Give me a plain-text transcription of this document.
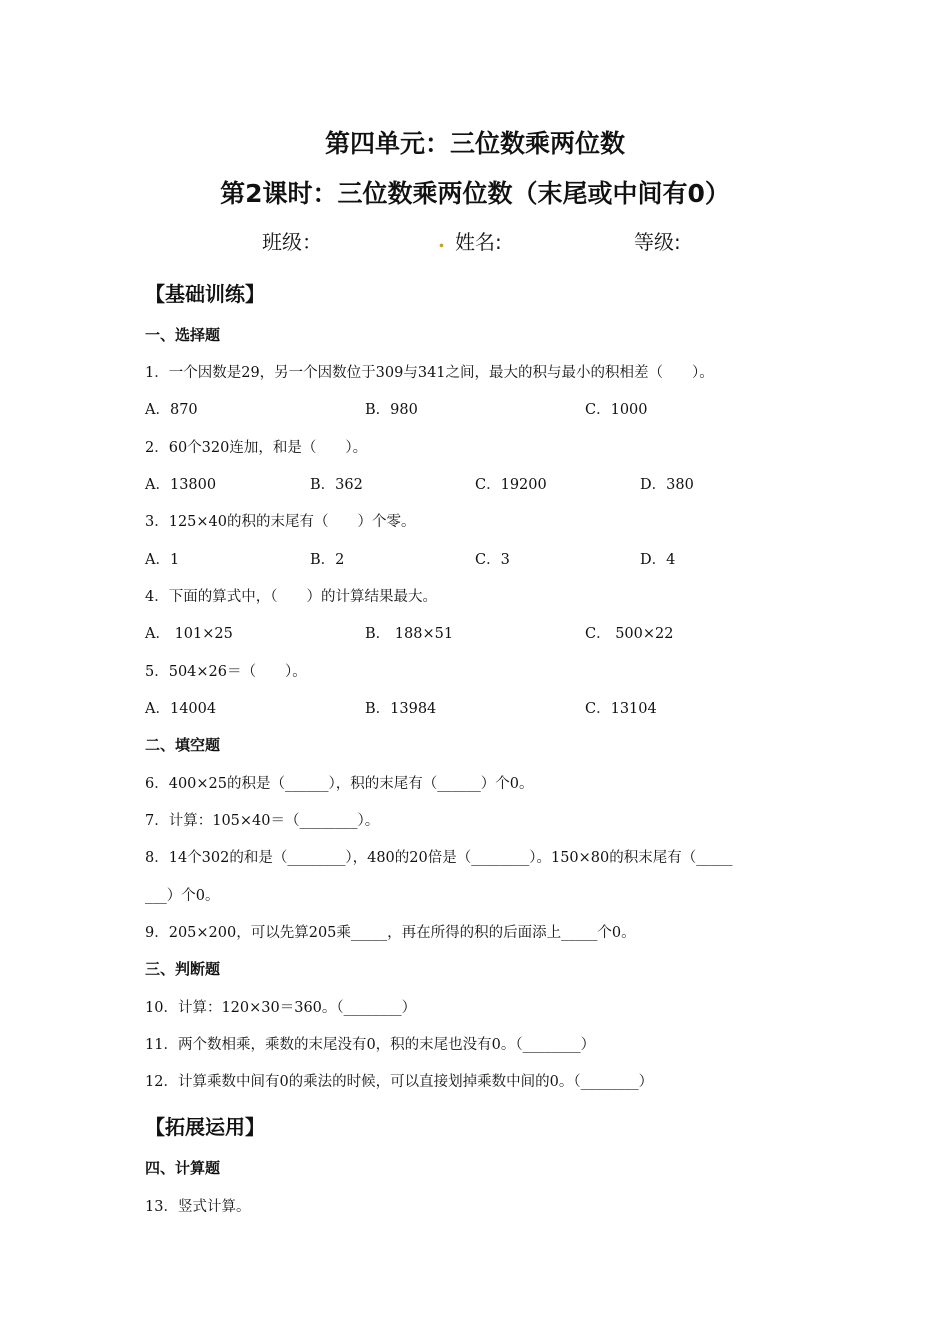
第四单元：三位数乘两位数
第2课时：三位数乘两位数（末尾或中间有0）
班级：	. 姓名:	等级:
【基础训练】
一、选择题
1．一个因数是29，另一个因数位于309与341之间，最大的积与最小的积相差（　　）。
A．870	B．980	C．1000
2．60个320连加，和是（　　）。
A．13800	B．362	C．19200	D．380
3．125×40的积的末尾有（　　）个零。
A．1	B．2	C．3	D．4
4．下面的算式中，（　　）的计算结果最大。
A． 101×25	B． 188×51	C． 500×22
5．504×26＝（　　）。
A．14004	B．13984	C．13104
二、填空题
6．400×25的积是（______），积的末尾有（______）个0。
7．计算：105×40＝（________）。
8．14个302的和是（________），480的20倍是（________）。150×80的积末尾有（_____
___）个0。
9．205×200，可以先算205乘_____，再在所得的积的后面添上_____个0。
三、判断题
10．计算：120×30＝360。（________）
11．两个数相乘，乘数的末尾没有0，积的末尾也没有0。（________）
12．计算乘数中间有0的乘法的时候，可以直接划掉乘数中间的0。（________）
【拓展运用】
四、计算题
13．竖式计算。
